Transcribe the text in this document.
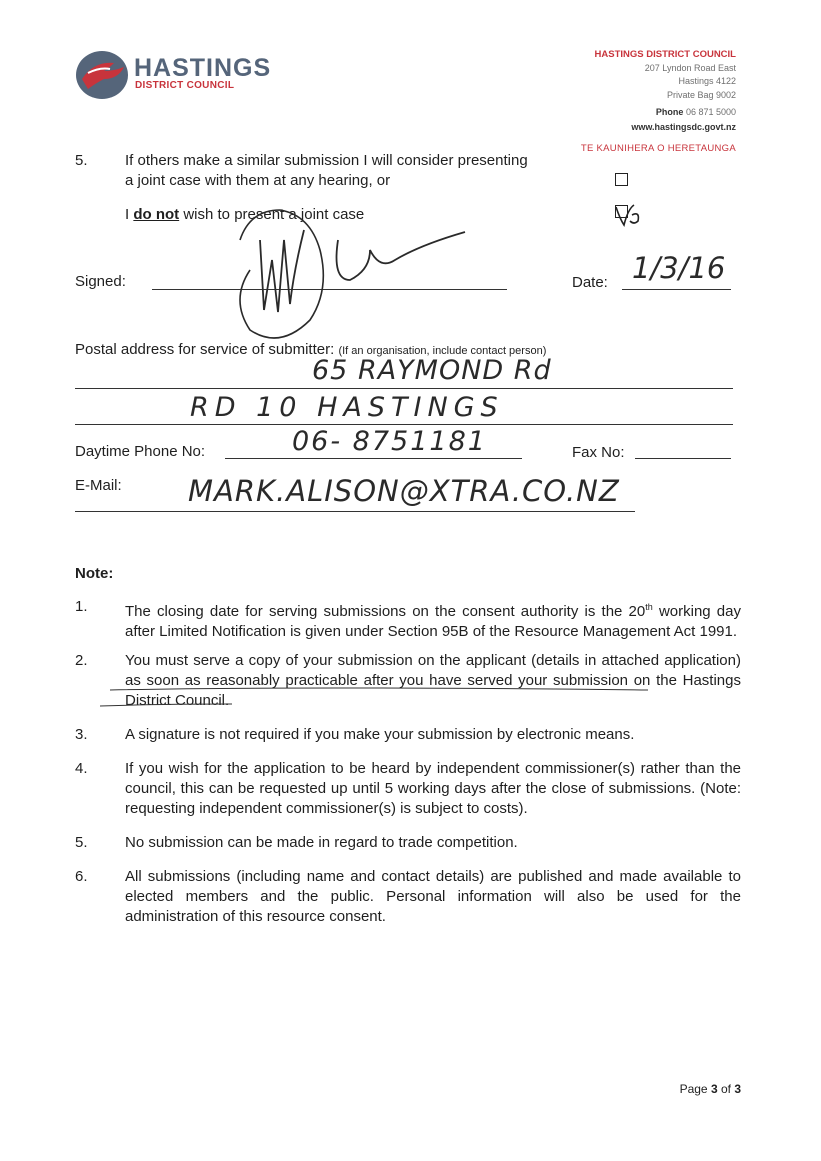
HASTINGS
DISTRICT COUNCIL
HASTINGS DISTRICT COUNCIL
207 Lyndon Road East
Hastings 4122
Private Bag 9002
Phone 06 871 5000
www.hastingsdc.govt.nz
TE KAUNIHERA O HERETAUNGA
5. If others make a similar submission I will consider presenting
a joint case with them at any hearing, or
I do not wish to present a joint case
Signed:	Date: 1/3/16
Postal address for service of submitter: (If an organisation, include contact person)
65 RAYMOND Rd
RD 10 HASTINGS
Daytime Phone No:	06- 8751181	Fax No:
E-Mail: MARK.ALISON@XTRA.CO.NZ
Note:
1. The closing date for serving submissions on the consent authority is the 20th working day after Limited Notification is given under Section 95B of the Resource Management Act 1991.
2. You must serve a copy of your submission on the applicant (details in attached application) as soon as reasonably practicable after you have served your submission on the Hastings District Council.
3. A signature is not required if you make your submission by electronic means.
4. If you wish for the application to be heard by independent commissioner(s) rather than the council, this can be requested up until 5 working days after the close of submissions. (Note: requesting independent commissioner(s) is subject to costs).
5. No submission can be made in regard to trade competition.
6. All submissions (including name and contact details) are published and made available to elected members and the public. Personal information will also be used for the administration of this resource consent.
Page 3 of 3
